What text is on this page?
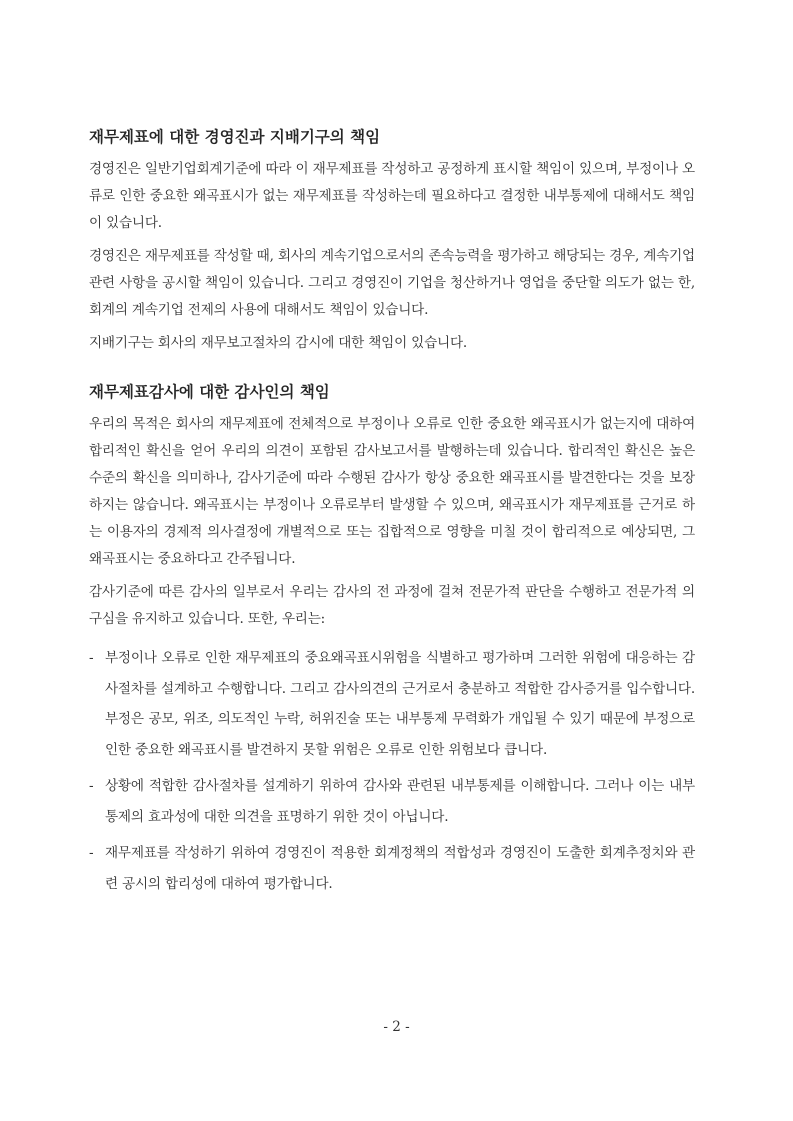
재무제표에 대한 경영진과 지배기구의 책임

경영진은 일반기업회계기준에 따라 이 재무제표를 작성하고 공정하게 표시할 책임이 있으며, 부정이나 오류로 인한 중요한 왜곡표시가 없는 재무제표를 작성하는데 필요하다고 결정한 내부통제에 대해서도 책임이 있습니다.

경영진은 재무제표를 작성할 때, 회사의 계속기업으로서의 존속능력을 평가하고 해당되는 경우, 계속기업 관련 사항을 공시할 책임이 있습니다. 그리고 경영진이 기업을 청산하거나 영업을 중단할 의도가 없는 한, 회계의 계속기업 전제의 사용에 대해서도 책임이 있습니다.

지배기구는 회사의 재무보고절차의 감시에 대한 책임이 있습니다.

재무제표감사에 대한 감사인의 책임

우리의 목적은 회사의 재무제표에 전체적으로 부정이나 오류로 인한 중요한 왜곡표시가 없는지에 대하여 합리적인 확신을 얻어 우리의 의견이 포함된 감사보고서를 발행하는데 있습니다. 합리적인 확신은 높은 수준의 확신을 의미하나, 감사기준에 따라 수행된 감사가 항상 중요한 왜곡표시를 발견한다는 것을 보장하지는 않습니다. 왜곡표시는 부정이나 오류로부터 발생할 수 있으며, 왜곡표시가 재무제표를 근거로 하는 이용자의 경제적 의사결정에 개별적으로 또는 집합적으로 영향을 미칠 것이 합리적으로 예상되면, 그 왜곡표시는 중요하다고 간주됩니다.

감사기준에 따른 감사의 일부로서 우리는 감사의 전 과정에 걸쳐 전문가적 판단을 수행하고 전문가적 의구심을 유지하고 있습니다. 또한, 우리는:

- 부정이나 오류로 인한 재무제표의 중요왜곡표시위험을 식별하고 평가하며 그러한 위험에 대응하는 감사절차를 설계하고 수행합니다. 그리고 감사의견의 근거로서 충분하고 적합한 감사증거를 입수합니다. 부정은 공모, 위조, 의도적인 누락, 허위진술 또는 내부통제 무력화가 개입될 수 있기 때문에 부정으로 인한 중요한 왜곡표시를 발견하지 못할 위험은 오류로 인한 위험보다 큽니다.
- 상황에 적합한 감사절차를 설계하기 위하여 감사와 관련된 내부통제를 이해합니다. 그러나 이는 내부통제의 효과성에 대한 의견을 표명하기 위한 것이 아닙니다.
- 재무제표를 작성하기 위하여 경영진이 적용한 회계정책의 적합성과 경영진이 도출한 회계추정치와 관련 공시의 합리성에 대하여 평가합니다.
- 2 -
